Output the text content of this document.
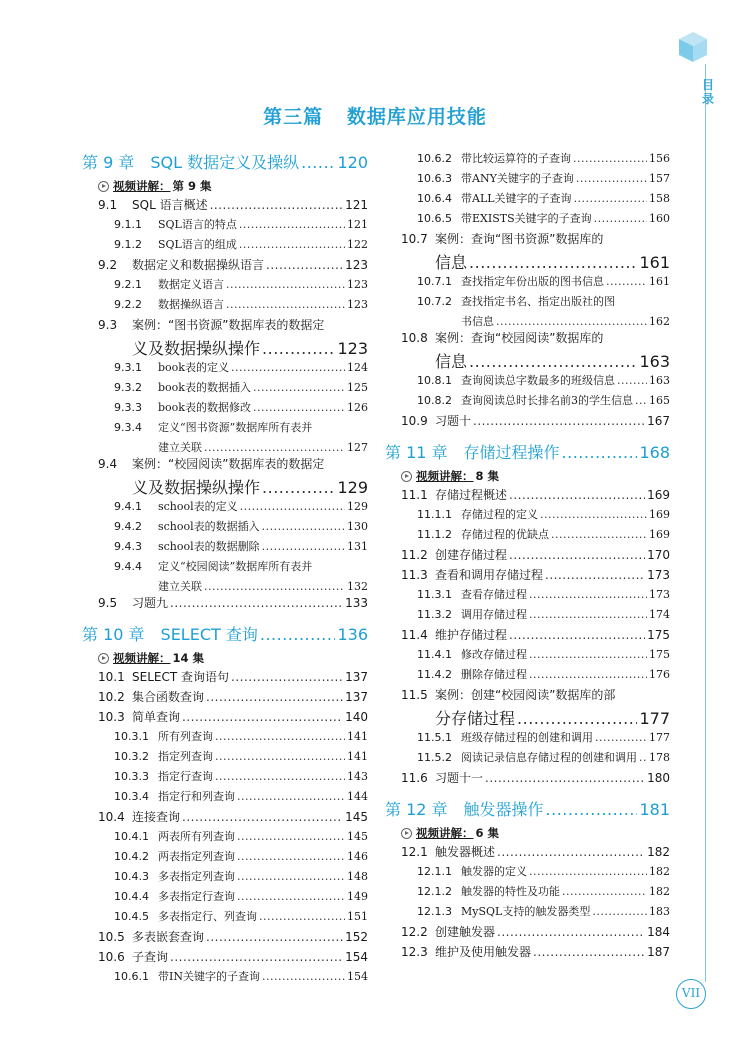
目录
第三篇 数据库应用技能
第 9 章　SQL 数据定义及操纵 ..... 120
视频讲解： 第 9 集
9.1 SQL 语言概述 .....	121
9.1.1 SQL语言的特点 .....	121
9.1.2 SQL语言的组成 .....	122
9.2 数据定义和数据操纵语言 .....	123
9.2.1 数据定义语言 .....	123
9.2.2 数据操纵语言 .....	123
9.3 案例：“图书资源”数据库表的数据定
义及数据操纵操作 .....	123
9.3.1 book表的定义 .....	124
9.3.2 book表的数据插入 .....	125
9.3.3 book表的数据修改 .....	126
9.3.4 定义“图书资源”数据库所有表并
建立关联 .....	127
9.4 案例：“校园阅读”数据库表的数据定
义及数据操纵操作 .....	129
9.4.1 school表的定义 .....	129
9.4.2 school表的数据插入 .....	130
9.4.3 school表的数据删除 .....	131
9.4.4 定义“校园阅读”数据库所有表并
建立关联 .....	132
9.5 习题九 .....	133
第 10 章　SELECT 查询 .....	136
视频讲解： 14 集
10.1 SELECT 查询语句 .....	137
10.2 集合函数查询 .....	137
10.3 简单查询 .....	140
10.3.1 所有列查询 .....	141
10.3.2 指定列查询 .....	141
10.3.3 指定行查询 .....	143
10.3.4 指定行和列查询 .....	144
10.4 连接查询 .....	145
10.4.1 两表所有列查询 .....	145
10.4.2 两表指定列查询 .....	146
10.4.3 多表指定列查询 .....	148
10.4.4 多表指定行查询 .....	149
10.4.5 多表指定行、列查询 .....	151
10.5 多表嵌套查询 .....	152
10.6 子查询 .....	154
10.6.1 带IN关键字的子查询 .....	154
10.6.2 带比较运算符的子查询 .....	156
10.6.3 带ANY关键字的子查询 .....	157
10.6.4 带ALL关键字的子查询 .....	158
10.6.5 带EXISTS关键字的子查询 .....	160
10.7 案例：查询“图书资源”数据库的
信息 .....	161
10.7.1 查找指定年份出版的图书信息 .....	161
10.7.2 查找指定书名、指定出版社的图
书信息 .....	162
10.8 案例：查询“校园阅读”数据库的
信息 .....	163
10.8.1 查询阅读总字数最多的班级信息 .....	163
10.8.2 查询阅读总时长排名前3的学生信息 ..... 165
10.9 习题十 .....	167
第 11 章　存储过程操作 .....	168
视频讲解： 8 集
11.1 存储过程概述 .....	169
11.1.1 存储过程的定义 .....	169
11.1.2 存储过程的优缺点 .....	169
11.2 创建存储过程 .....	170
11.3 查看和调用存储过程 .....	173
11.3.1 查看存储过程 .....	173
11.3.2 调用存储过程 .....	174
11.4 维护存储过程 .....	175
11.4.1 修改存储过程 .....	175
11.4.2 删除存储过程 .....	176
11.5 案例：创建“校园阅读”数据库的部
分存储过程 .....	177
11.5.1 班级存储过程的创建和调用 .....	177
11.5.2 阅读记录信息存储过程的创建和调用 ..... 178
11.6 习题十一 .....	180
第 12 章　触发器操作 .....	181
视频讲解： 6 集
12.1 触发器概述 .....	182
12.1.1 触发器的定义 .....	182
12.1.2 触发器的特性及功能 .....	182
12.1.3 MySQL支持的触发器类型 .....	183
12.2 创建触发器 .....	184
12.3 维护及使用触发器 .....	187
VII
